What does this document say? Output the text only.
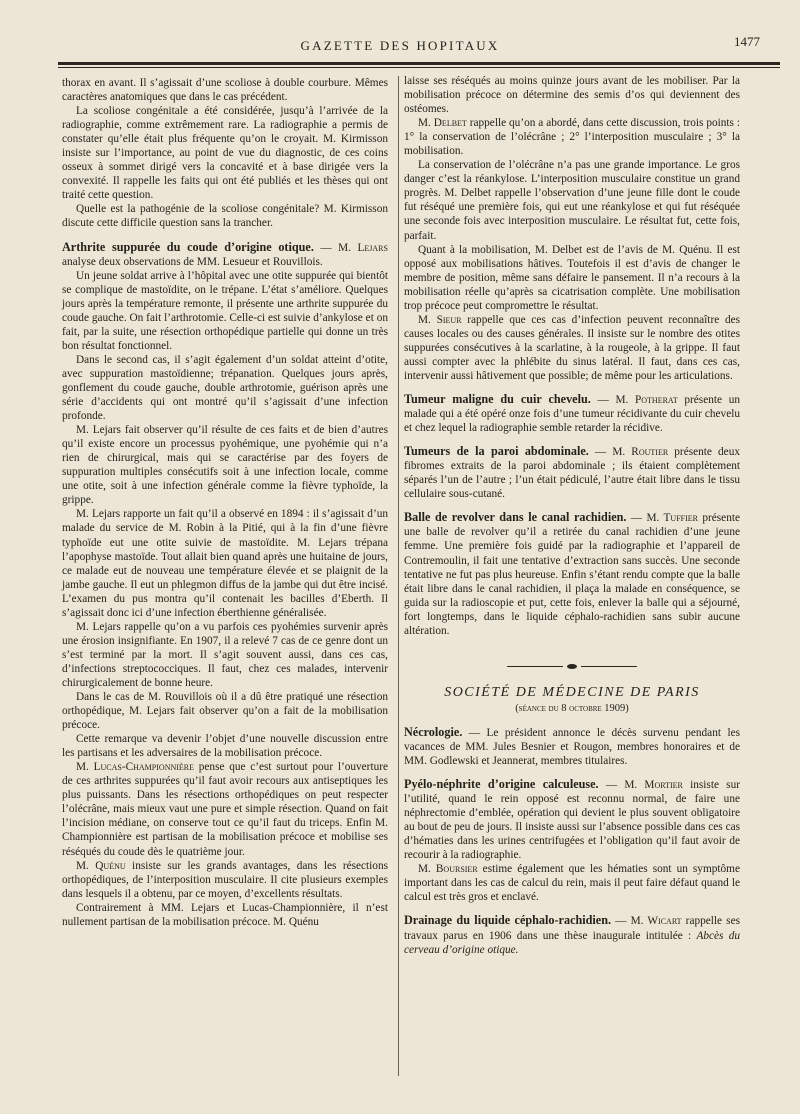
GAZETTE DES HOPITAUX	1477

thorax en avant. Il s’agissait d’une scoliose à double courbure. Mêmes caractères anatomiques que dans le cas précédent.

La scoliose congénitale a été considérée, jusqu’à l’arrivée de la radiographie, comme extrêmement rare. La radiographie a permis de constater qu’elle était plus fréquente qu’on le croyait. M. Kirmisson insiste sur l’importance, au point de vue du diagnostic, de ces coins osseux à sommet dirigé vers la concavité et à base dirigée vers la convexité. Il rappelle les faits qui ont été publiés et les thèses qui ont traité cette question.

Quelle est la pathogénie de la scoliose congénitale? M. Kirmisson discute cette difficile question sans la trancher.

Arthrite suppurée du coude d’origine otique. — M. Lejars analyse deux observations de MM. Lesueur et Rouvillois.

Un jeune soldat arrive à l’hôpital avec une otite suppurée qui bientôt se complique de mastoïdite, on le trépane. L’état s’améliore. Quelques jours après la température remonte, il présente une arthrite suppurée du coude gauche. On fait l’arthrotomie. Celle-ci est suivie d’ankylose et on fait, par la suite, une résection orthopédique partielle qui donne un très bon résultat fonctionnel.

Dans le second cas, il s’agit également d’un soldat atteint d’otite, avec suppuration mastoïdienne; trépanation. Quelques jours après, gonflement du coude gauche, double arthrotomie, guérison après une série d’accidents qui ont montré qu’il s’agissait d’une infection profonde.

M. Lejars fait observer qu’il résulte de ces faits et de bien d’autres qu’il existe encore un processus pyohémique, une pyohémie qui n’a rien de chirurgical, mais qui se caractérise par des foyers de suppuration multiples consécutifs soit à une infection locale, comme une otite, soit à une infection générale comme la fièvre typhoïde, la grippe.

M. Lejars rapporte un fait qu’il a observé en 1894 : il s’agissait d’un malade du service de M. Robin à la Pitié, qui à la fin d’une fièvre typhoïde eut une otite suivie de mastoïdite. M. Lejars trépana l’apophyse mastoïde. Tout allait bien quand après une huitaine de jours, ce malade eut de nouveau une température élevée et se plaignit de la jambe gauche. Il eut un phlegmon diffus de la jambe qui dut être incisé. L’examen du pus montra qu’il contenait les bacilles d’Eberth. Il s’agissait donc ici d’une infection éberthienne généralisée.

M. Lejars rappelle qu’on a vu parfois ces pyohémies survenir après une érosion insignifiante. En 1907, il a relevé 7 cas de ce genre dont un s’est terminé par la mort. Il s’agit souvent aussi, dans ces cas, d’infections streptococciques. Il faut, chez ces malades, intervenir chirurgicalement de bonne heure.

Dans le cas de M. Rouvillois où il a dû être pratiqué une résection orthopédique, M. Lejars fait observer qu’on a fait de la mobilisation précoce.

Cette remarque va devenir l’objet d’une nouvelle discussion entre les partisans et les adversaires de la mobilisation précoce.

M. Lucas-Championnière pense que c’est surtout pour l’ouverture de ces arthrites suppurées qu’il faut avoir recours aux antiseptiques les plus puissants. Dans les résections orthopédiques on peut respecter l’olécrâne, mais mieux vaut une pure et simple résection. Quand on fait l’incision médiane, on conserve tout ce qu’il faut du triceps. Enfin M. Championnière est partisan de la mobilisation précoce et mobilise ses réséqués du coude dès le quatrième jour.

M. Quénu insiste sur les grands avantages, dans les résections orthopédiques, de l’interposition musculaire. Il cite plusieurs exemples dans lesquels il a obtenu, par ce moyen, d’excellents résultats.

Contrairement à MM. Lejars et Lucas-Championnière, il n’est nullement partisan de la mobilisation précoce. M. Quénu

laisse ses réséqués au moins quinze jours avant de les mobiliser. Par la mobilisation précoce on détermine des semis d’os qui deviennent des ostéomes.

M. Delbet rappelle qu’on a abordé, dans cette discussion, trois points : 1° la conservation de l’olécrâne ; 2° l’interposition musculaire ; 3° la mobilisation.

La conservation de l’olécrâne n’a pas une grande importance. Le gros danger c’est la réankylose. L’interposition musculaire constitue un grand progrès. M. Delbet rappelle l’observation d’une jeune fille dont le coude fut réséqué une première fois, qui eut une réankylose et qui fut réséquée une seconde fois avec interposition musculaire. Le résultat fut, cette fois, parfait.

Quant à la mobilisation, M. Delbet est de l’avis de M. Quénu. Il est opposé aux mobilisations hâtives. Toutefois il est d’avis de changer le membre de position, même sans défaire le pansement. Il n’a recours à la mobilisation réelle qu’après sa cicatrisation complète. Une mobilisation trop précoce peut compromettre le résultat.

M. Sieur rappelle que ces cas d’infection peuvent reconnaître des causes locales ou des causes générales. Il insiste sur le nombre des otites suppurées consécutives à la scarlatine, à la rougeole, à la grippe. Il faut aussi compter avec la phlébite du sinus latéral. Il faut, dans ces cas, intervenir aussi hâtivement que possible; de même pour les articulations.

Tumeur maligne du cuir chevelu. — M. Potherat présente un malade qui a été opéré onze fois d’une tumeur récidivante du cuir chevelu et chez lequel la radiographie semble retarder la récidive.

Tumeurs de la paroi abdominale. — M. Routier présente deux fibromes extraits de la paroi abdominale ; ils étaient complètement séparés l’un de l’autre ; l’un était pédiculé, l’autre était libre dans le tissu cellulaire sous-cutané.

Balle de revolver dans le canal rachidien. — M. Tuffier présente une balle de revolver qu’il a retirée du canal rachidien d’une jeune femme. Une première fois guidé par la radiographie et l’appareil de Contremoulin, il fait une tentative d’extraction sans succès. Une seconde tentative ne fut pas plus heureuse. Enfin s’étant rendu compte que la balle était libre dans le canal rachidien, il plaça la malade en conséquence, se guida sur la radioscopie et put, cette fois, enlever la balle qui a séjourné, fort longtemps, dans le liquide céphalo-rachidien sans subir aucune altération.

SOCIÉTÉ DE MÉDECINE DE PARIS
(séance du 8 octobre 1909)

Nécrologie. — Le président annonce le décès survenu pendant les vacances de MM. Jules Besnier et Rougon, membres honoraires et de MM. Godlewski et Jeannerat, membres titulaires.

Pyélo-néphrite d’origine calculeuse. — M. Mortier insiste sur l’utilité, quand le rein opposé est reconnu normal, de faire une néphrectomie d’emblée, opération qui devient le plus souvent obligatoire au bout de peu de jours. Il insiste aussi sur l’absence possible dans ces cas d’hématies dans les urines centrifugées et l’obligation qu’il faut avoir de recourir à la radiographie.

M. Boursier estime également que les hématies sont un symptôme important dans les cas de calcul du rein, mais il peut faire défaut quand le calcul est très gros et enclavé.

Drainage du liquide céphalo-rachidien. — M. Wicart rappelle ses travaux parus en 1906 dans une thèse inaugurale intitulée : Abcès du cerveau d’origine otique.
